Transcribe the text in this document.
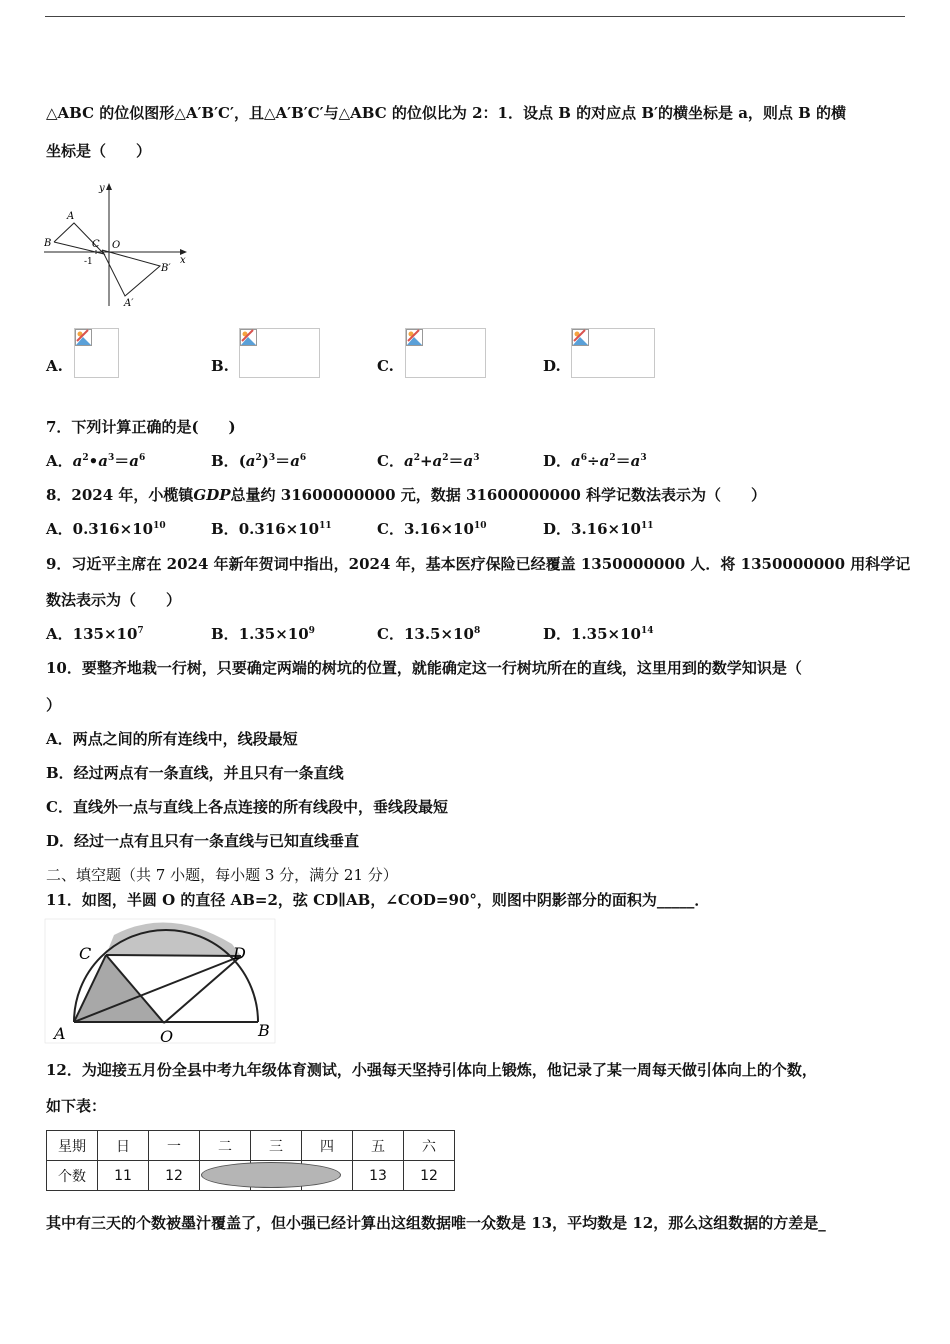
△ABC 的位似图形△A′B′C′，且△A′B′C′与△ABC 的位似比为 2：1．设点 B 的对应点 B′的横坐标是 a，则点 B 的横
坐标是（　　）
y
x
A
B	C O
-1
B′
A′
A.	B.	C.	D.
7．下列计算正确的是(　　)
A．$a^2•a^3=a^6$	B．$(a^2)^3=a^6$	C．$a^2+a^2=a^3$	D．$a^6\div a^2=a^3$
8．2024 年，小榄镇GDP总量约 31600000000 元，数据 31600000000 科学记数法表示为（　　）
A．$0.316\times 10^{10}$	B．$0.316\times 10^{11}$	C．$3.16\times 10^{10}$	D．$3.16\times 10^{11}$
9．习近平主席在 2024 年新年贺词中指出，2024 年，基本医疗保险已经覆盖 1350000000 人．将 1350000000 用科学记
数法表示为（　　）
A．$135\times 10^7$	B．$1.35\times 10^9$	C．$13.5\times 10^8$	D．$1.35\times 10^{14}$
10．要整齐地栽一行树，只要确定两端的树坑的位置，就能确定这一行树坑所在的直线，这里用到的数学知识是（
）
A．两点之间的所有连线中，线段最短
B．经过两点有一条直线，并且只有一条直线
C．直线外一点与直线上各点连接的所有线段中，垂线段最短
D．经过一点有且只有一条直线与已知直线垂直
二、填空题（共 7 小题，每小题 3 分，满分 21 分）
11．如图，半圆 O 的直径 AB=2，弦 CD∥AB，∠COD=90°，则图中阴影部分的面积为_____．
C	D
A	O	B
12．为迎接五月份全县中考九年级体育测试，小强每天坚持引体向上锻炼，他记录了某一周每天做引体向上的个数，
如下表：
星期	日	一	二	三	四	五	六
个数	11	12				13	12
其中有三天的个数被墨汁覆盖了，但小强已经计算出这组数据唯一众数是 13，平均数是 12，那么这组数据的方差是_
